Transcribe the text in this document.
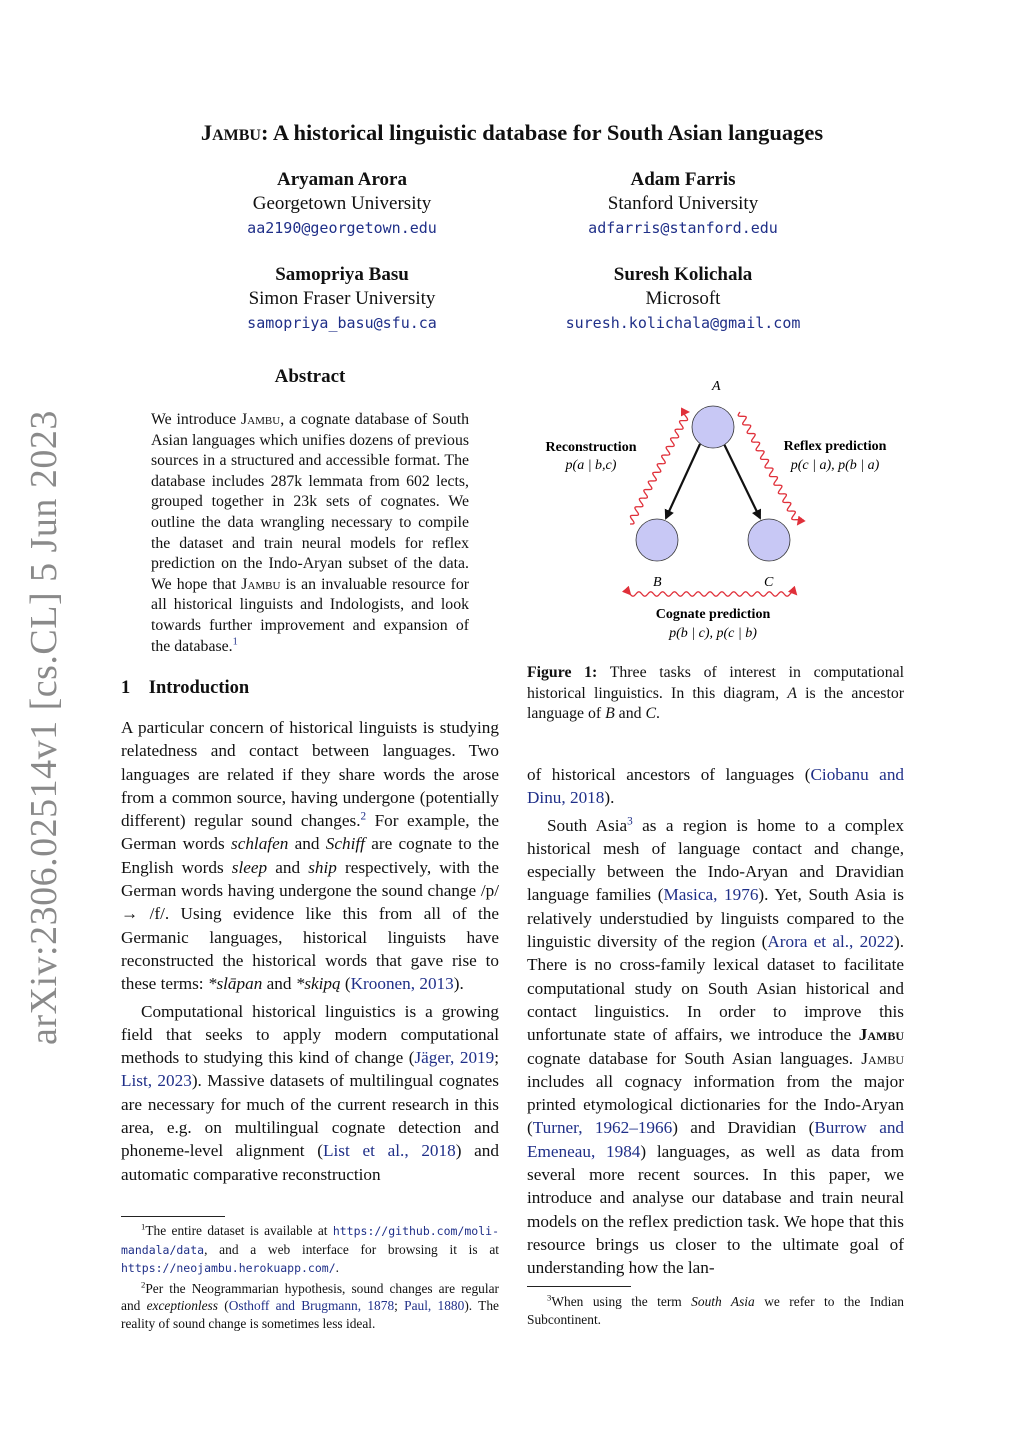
arXiv:2306.02514v1 [cs.CL] 5 Jun 2023
Jambu: A historical linguistic database for South Asian languages
Aryaman Arora
Georgetown University
aa2190@georgetown.edu
Adam Farris
Stanford University
adfarris@stanford.edu
Samopriya Basu
Simon Fraser University
samopriya_basu@sfu.ca
Suresh Kolichala
Microsoft
suresh.kolichala@gmail.com
Abstract

We introduce Jambu, a cognate database of South Asian languages which unifies dozens of previous sources in a structured and accessible format. The database includes 287k lemmata from 602 lects, grouped together in 23k sets of cognates. We outline the data wrangling necessary to compile the dataset and train neural models for reflex prediction on the Indo-Aryan subset of the data. We hope that Jambu is an invaluable resource for all historical linguists and Indologists, and look towards further improvement and expansion of the database.$^1$

1 Introduction

A particular concern of historical linguists is studying relatedness and contact between languages. Two languages are related if they share words the arose from a common source, having undergone (potentially different) regular sound changes.$^2$ For example, the German words schlafen and Schiff are cognate to the English words sleep and ship respectively, with the German words having undergone the sound change /p/ → /f/. Using evidence like this from all of the Germanic languages, historical linguists have reconstructed the historical words that gave rise to these terms: *slāpan and *skipą (Kroonen, 2013).

Computational historical linguistics is a growing field that seeks to apply modern computational methods to studying this kind of change (Jäger, 2019; List, 2023). Massive datasets of multilingual cognates are necessary for much of the current research in this area, e.g. on multilingual cognate detection and phoneme-level alignment (List et al., 2018) and automatic comparative reconstruction

$^1$The entire dataset is available at https://github.com/moli-mandala/data, and a web interface for browsing it is at https://neojambu.herokuapp.com/.

$^2$Per the Neogrammarian hypothesis, sound changes are regular and exceptionless (Osthoff and Brugmann, 1878; Paul, 1880). The reality of sound change is sometimes less ideal.

A
B	C
Reconstruction
p(a | b,c)
Reflex prediction
p(c | a), p(b | a)
Cognate prediction
p(b | c), p(c | b)

Figure 1: Three tasks of interest in computational historical linguistics. In this diagram, A is the ancestor language of B and C.

of historical ancestors of languages (Ciobanu and Dinu, 2018).

South Asia$^3$ as a region is home to a complex historical mesh of language contact and change, especially between the Indo-Aryan and Dravidian language families (Masica, 1976). Yet, South Asia is relatively understudied by linguists compared to the linguistic diversity of the region (Arora et al., 2022). There is no cross-family lexical dataset to facilitate computational study on South Asian historical and contact linguistics. In order to improve this unfortunate state of affairs, we introduce the Jambu cognate database for South Asian languages. Jambu includes all cognacy information from the major printed etymological dictionaries for the Indo-Aryan (Turner, 1962–1966) and Dravidian (Burrow and Emeneau, 1984) languages, as well as data from several more recent sources. In this paper, we introduce and analyse our database and train neural models on the reflex prediction task. We hope that this resource brings us closer to the ultimate goal of understanding how the lan-

$^3$When using the term South Asia we refer to the Indian Subcontinent.
